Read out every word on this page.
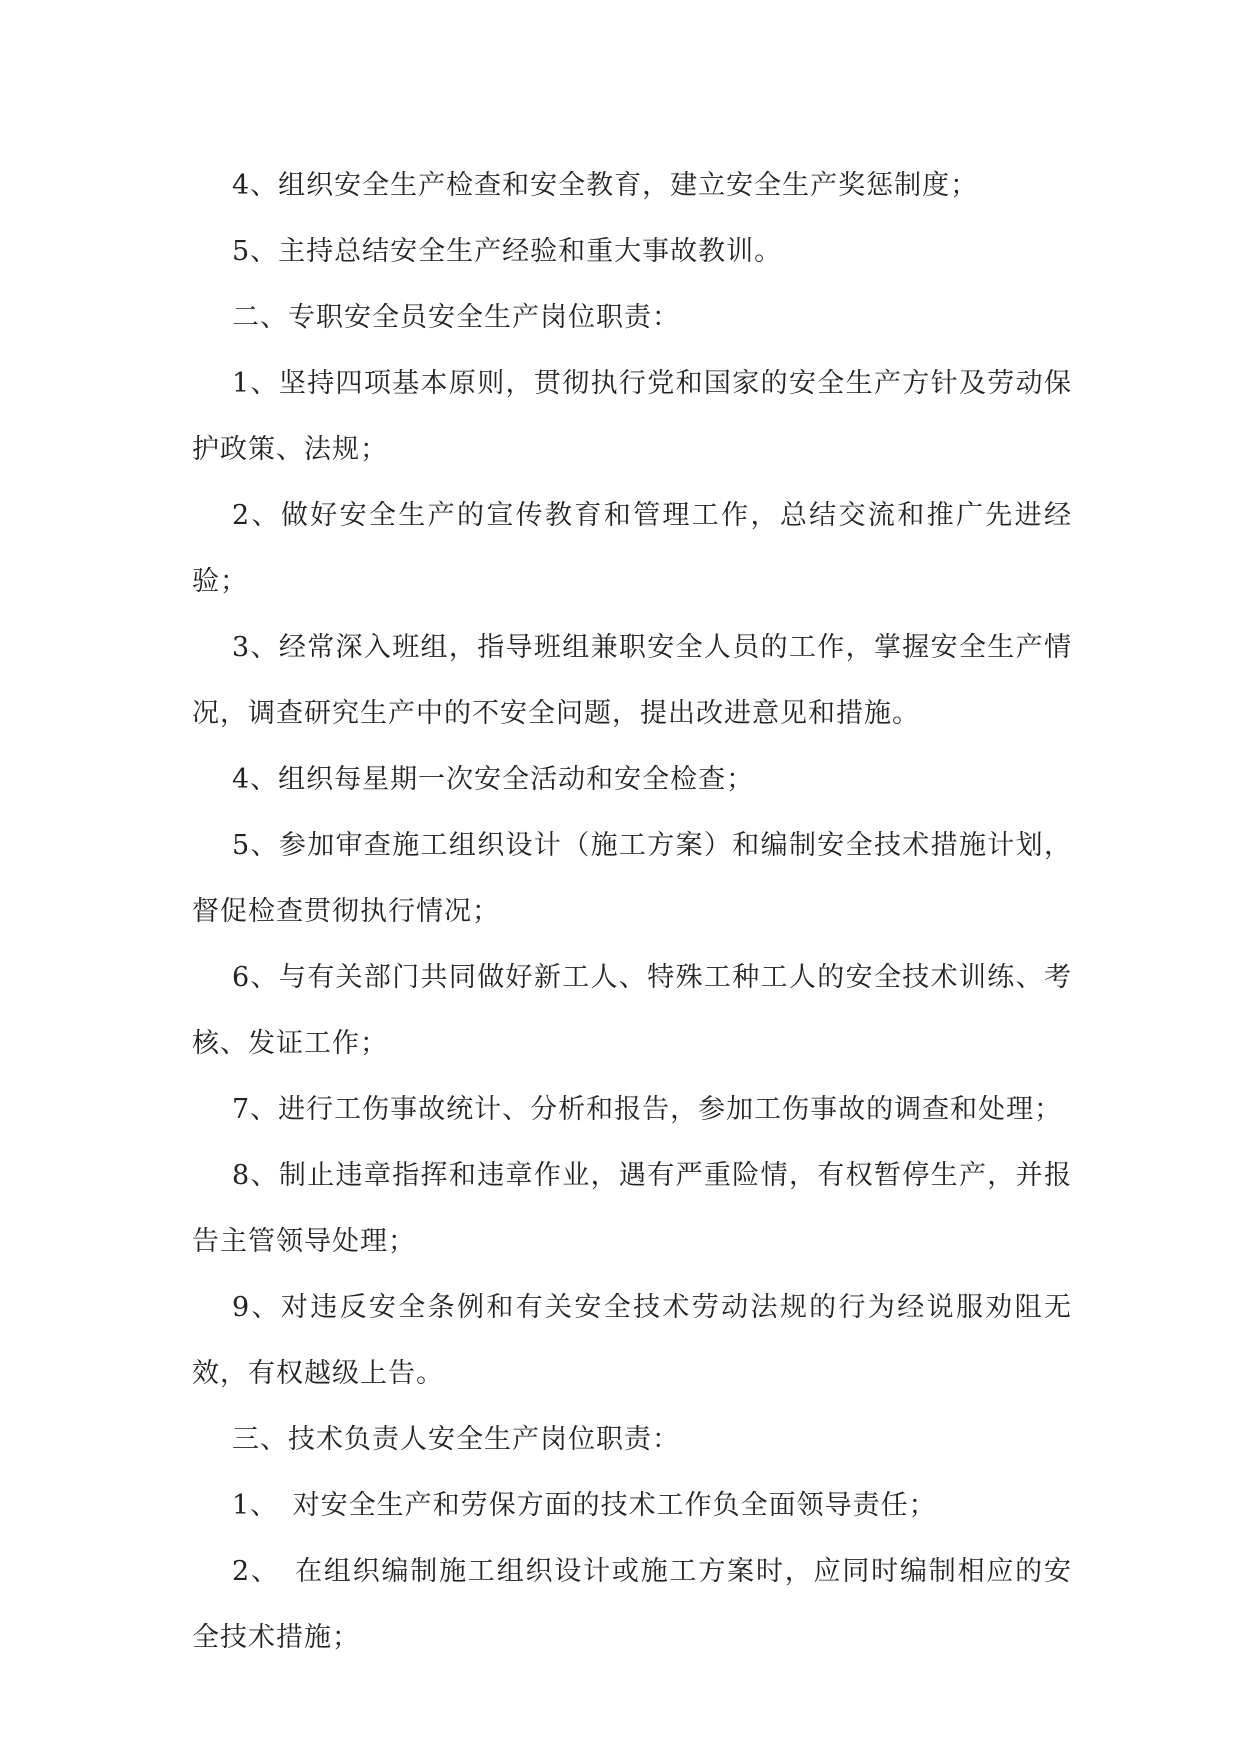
4、组织安全生产检查和安全教育，建立安全生产奖惩制度；

5、主持总结安全生产经验和重大事故教训。

二、专职安全员安全生产岗位职责：

1、坚持四项基本原则，贯彻执行党和国家的安全生产方针及劳动保护政策、法规；

2、做好安全生产的宣传教育和管理工作，总结交流和推广先进经验；

3、经常深入班组，指导班组兼职安全人员的工作，掌握安全生产情况，调查研究生产中的不安全问题，提出改进意见和措施。

4、组织每星期一次安全活动和安全检查；

5、参加审查施工组织设计（施工方案）和编制安全技术措施计划，督促检查贯彻执行情况；

6、与有关部门共同做好新工人、特殊工种工人的安全技术训练、考核、发证工作；

7、进行工伤事故统计、分析和报告，参加工伤事故的调查和处理；

8、制止违章指挥和违章作业，遇有严重险情，有权暂停生产，并报告主管领导处理；

9、对违反安全条例和有关安全技术劳动法规的行为经说服劝阻无效，有权越级上告。

三、技术负责人安全生产岗位职责：

1、　对安全生产和劳保方面的技术工作负全面领导责任；

2、　在组织编制施工组织设计或施工方案时，应同时编制相应的安全技术措施；
